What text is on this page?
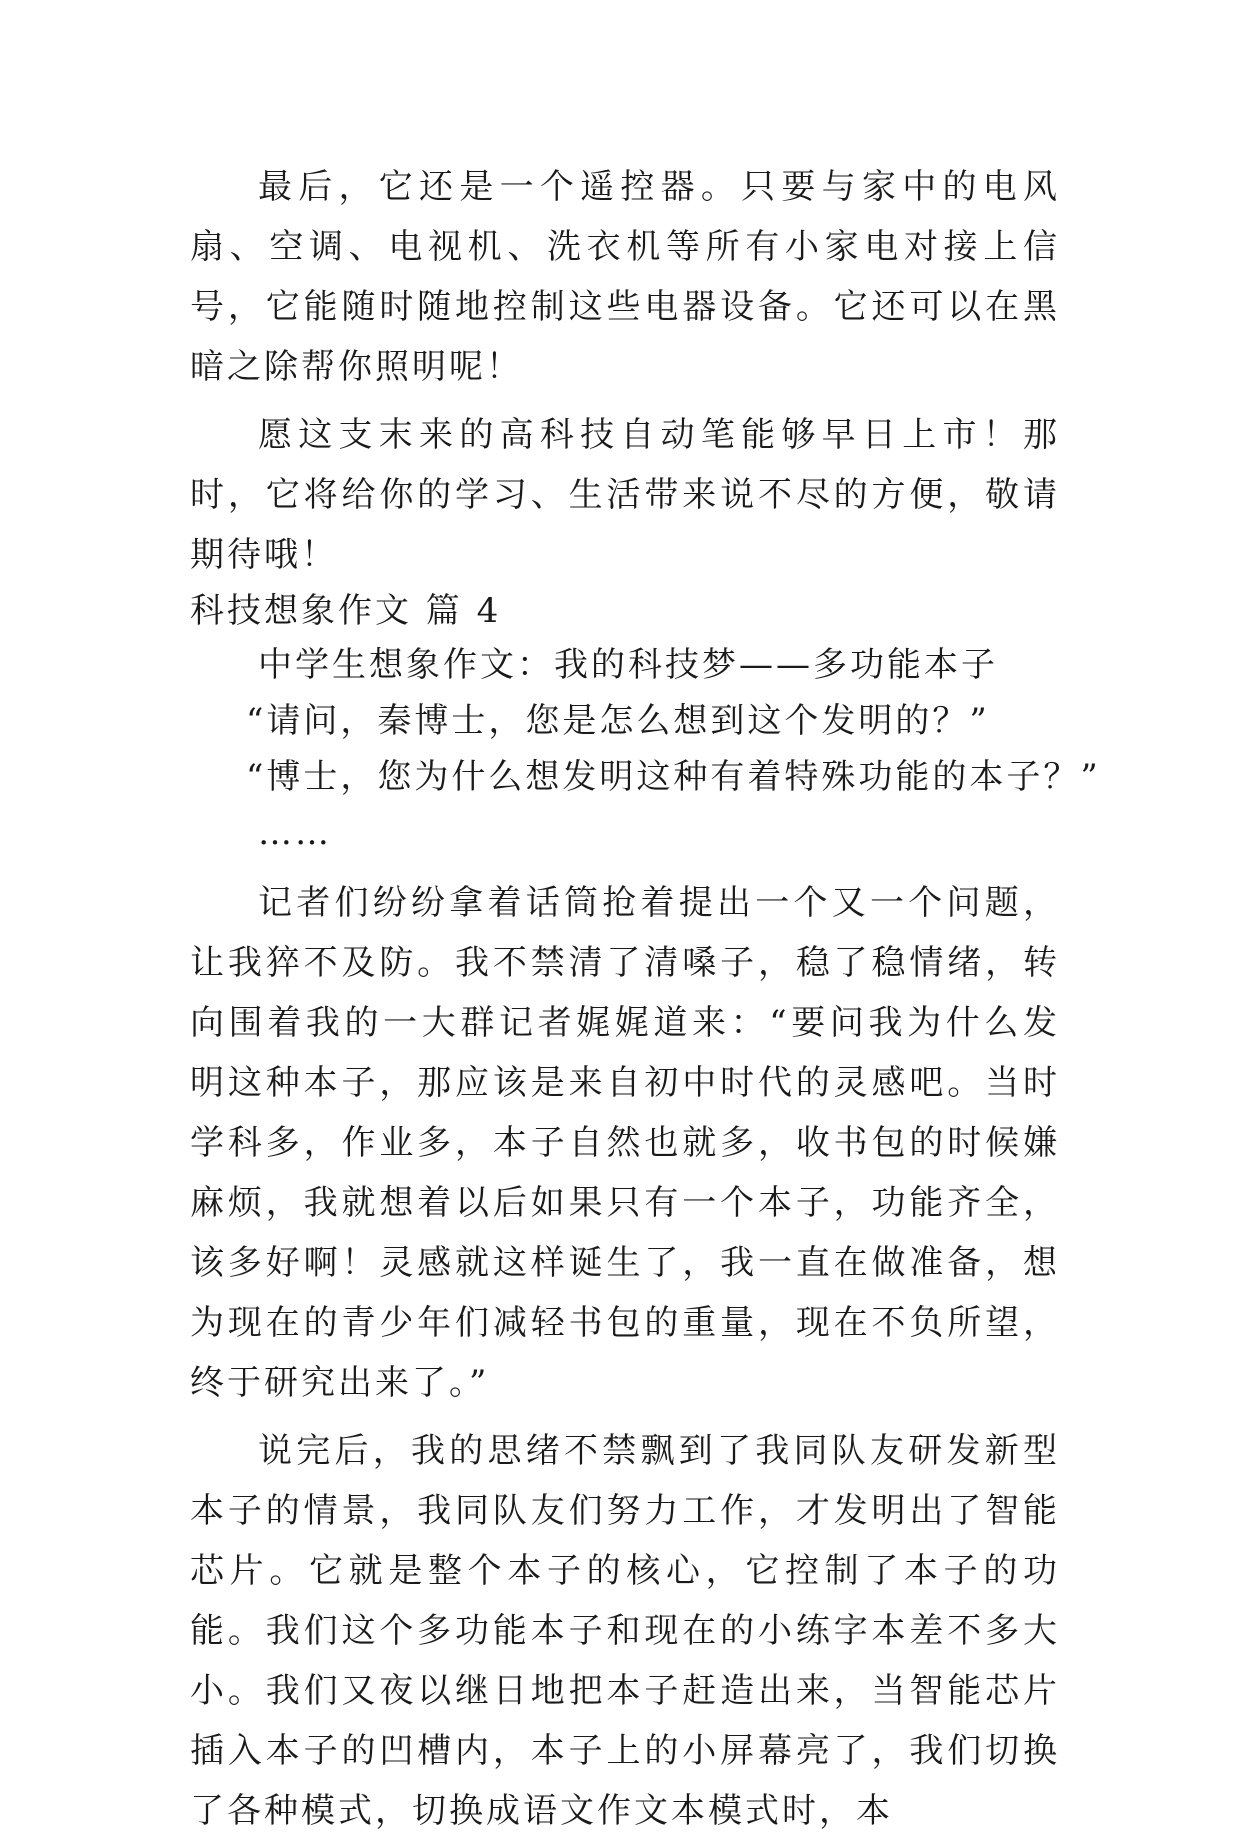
最后，它还是一个遥控器。只要与家中的电风扇、空调、电视机、洗衣机等所有小家电对接上信号，它能随时随地控制这些电器设备。它还可以在黑暗之除帮你照明呢！

愿这支末来的高科技自动笔能够早日上市！那时，它将给你的学习、生活带来说不尽的方便，敬请期待哦！

科技想象作文 篇 4

中学生想象作文：我的科技梦——多功能本子

“请问，秦博士，您是怎么想到这个发明的？”

“博士，您为什么想发明这种有着特殊功能的本子？”

……

记者们纷纷拿着话筒抢着提出一个又一个问题，让我猝不及防。我不禁清了清嗓子，稳了稳情绪，转向围着我的一大群记者娓娓道来：“要问我为什么发明这种本子，那应该是来自初中时代的灵感吧。当时学科多，作业多，本子自然也就多，收书包的时候嫌麻烦，我就想着以后如果只有一个本子，功能齐全，该多好啊！灵感就这样诞生了，我一直在做准备，想为现在的青少年们减轻书包的重量，现在不负所望，终于研究出来了。”

说完后，我的思绪不禁飘到了我同队友研发新型本子的情景，我同队友们努力工作，才发明出了智能芯片。它就是整个本子的核心，它控制了本子的功能。我们这个多功能本子和现在的小练字本差不多大小。我们又夜以继日地把本子赶造出来，当智能芯片插入本子的凹槽内，本子上的小屏幕亮了，我们切换了各种模式，切换成语文作文本模式时，本
